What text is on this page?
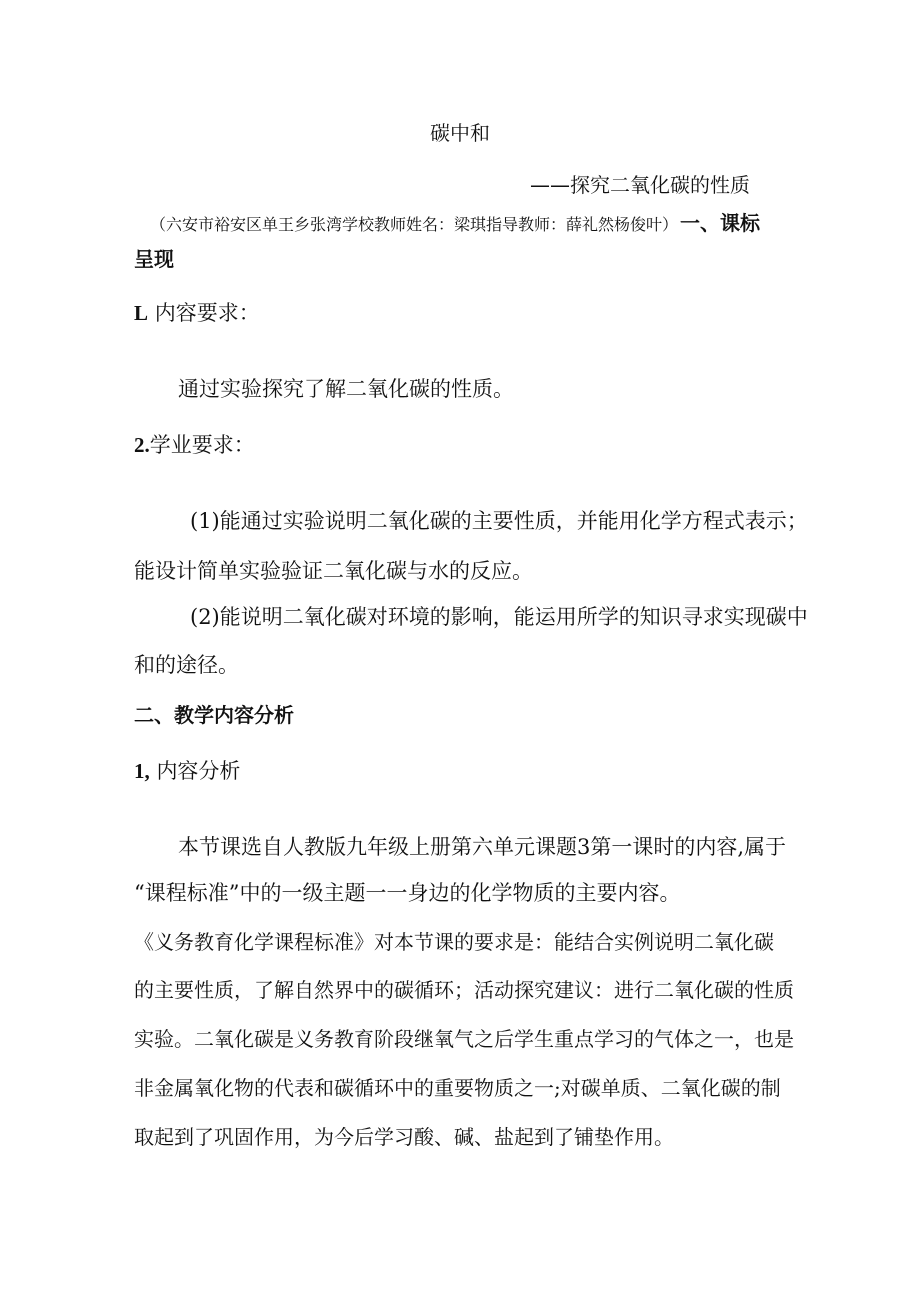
碳中和
——探究二氧化碳的性质
（六安市裕安区单王乡张湾学校教师姓名：梁琪指导教师：薛礼然杨俊叶） 一、课标
呈现
L 内容要求：
通过实验探究了解二氧化碳的性质。
2.学业要求：
(1)能通过实验说明二氧化碳的主要性质，并能用化学方程式表示；
能设计简单实验验证二氧化碳与水的反应。
(2)能说明二氧化碳对环境的影响，能运用所学的知识寻求实现碳中
和的途径。
二、教学内容分析
1, 内容分析
本节课选自人教版九年级上册第六单元课题3第一课时的内容,属于
“课程标准”中的一级主题一一身边的化学物质的主要内容。
《义务教育化学课程标准》对本节课的要求是：能结合实例说明二氧化碳
的主要性质，了解自然界中的碳循环；活动探究建议：进行二氧化碳的性质
实验。二氧化碳是义务教育阶段继氧气之后学生重点学习的气体之一，也是
非金属氧化物的代表和碳循环中的重要物质之一;对碳单质、二氧化碳的制
取起到了巩固作用，为今后学习酸、碱、盐起到了铺垫作用。
